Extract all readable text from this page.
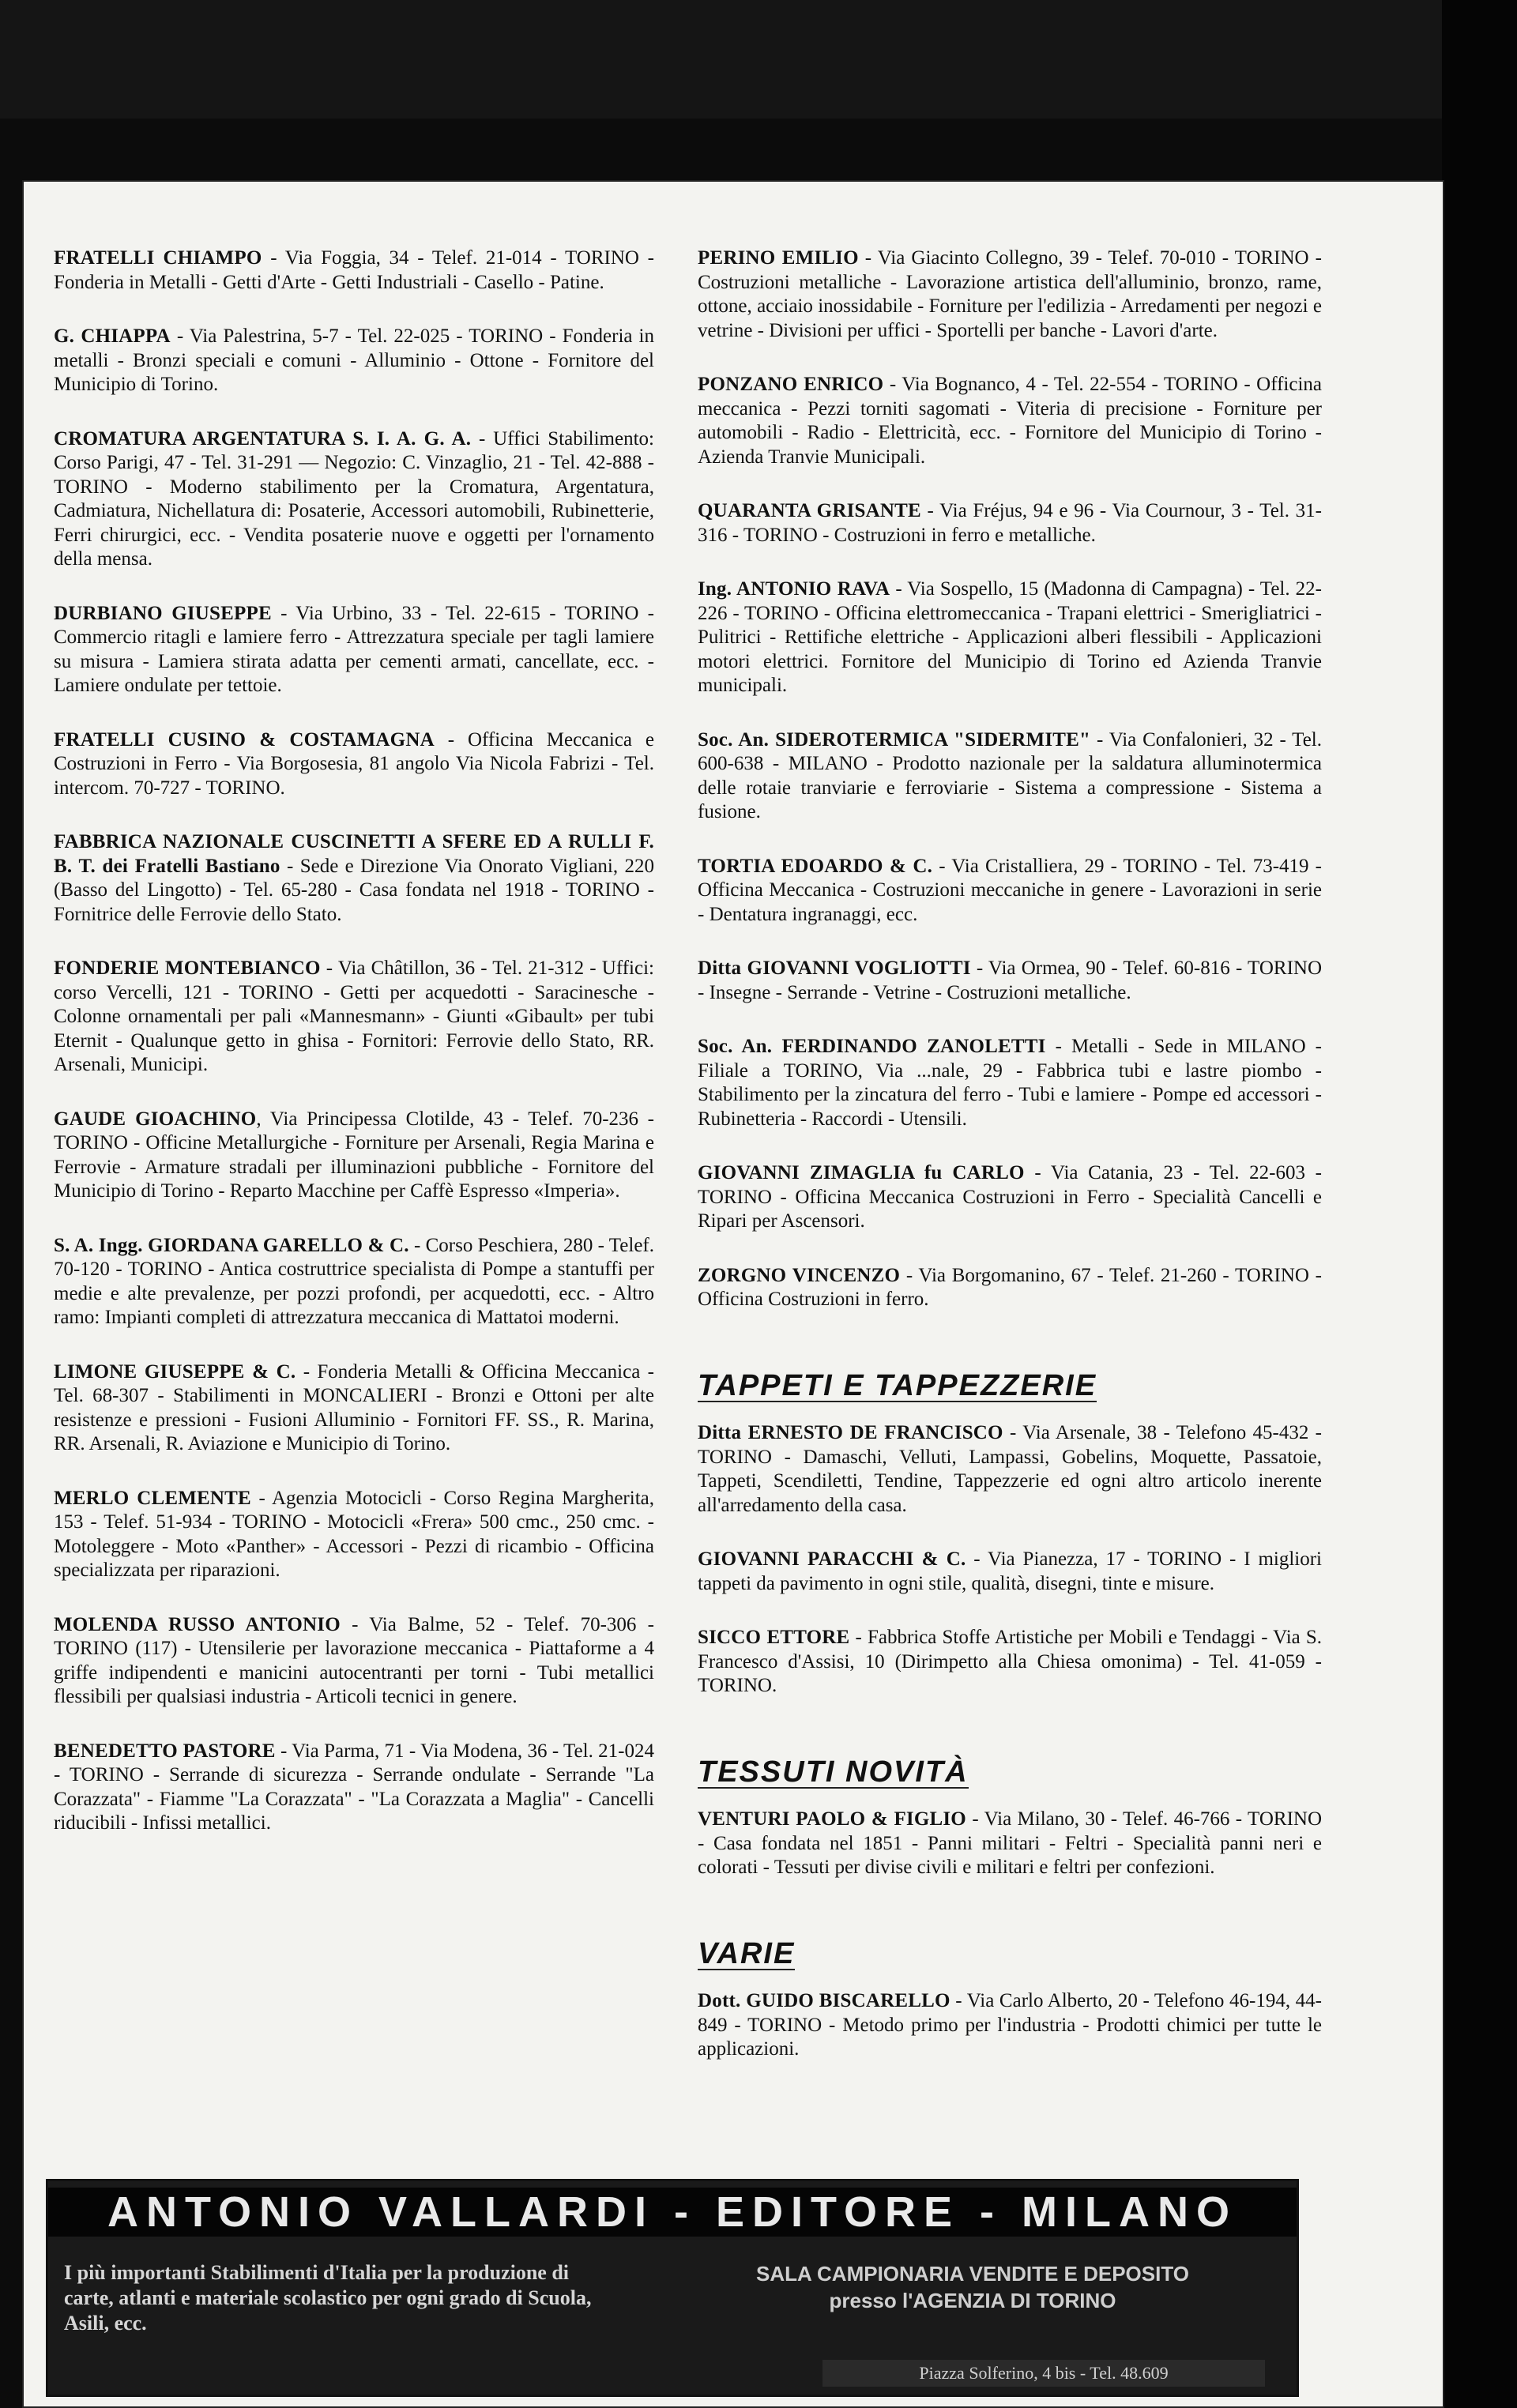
FRATELLI CHIAMPO - Via Foggia, 34 - Telef. 21-014 - TORINO - Fonderia in Metalli - Getti d'Arte - Getti Industriali - Casello - Patine.

G. CHIAPPA - Via Palestrina, 5-7 - Tel. 22-025 - TORINO - Fonderia in metalli - Bronzi speciali e comuni - Alluminio - Ottone - Fornitore del Municipio di Torino.

CROMATURA ARGENTATURA S. I. A. G. A. - Uffici Stabilimento: Corso Parigi, 47 - Tel. 31-291 — Negozio: C. Vinzaglio, 21 - Tel. 42-888 - TORINO - Moderno stabilimento per la Cromatura, Argentatura, Cadmiatura, Nichellatura di: Posaterie, Accessori automobili, Rubinetterie, Ferri chirurgici, ecc. - Vendita posaterie nuove e oggetti per l'ornamento della mensa.

DURBIANO GIUSEPPE - Via Urbino, 33 - Tel. 22-615 - TORINO - Commercio ritagli e lamiere ferro - Attrezzatura speciale per tagli lamiere su misura - Lamiera stirata adatta per cementi armati, cancellate, ecc. - Lamiere ondulate per tettoie.

FRATELLI CUSINO & COSTAMAGNA - Officina Meccanica e Costruzioni in Ferro - Via Borgosesia, 81 angolo Via Nicola Fabrizi - Tel. intercom. 70-727 - TORINO.

FABBRICA NAZIONALE CUSCINETTI A SFERE ED A RULLI F. B. T. dei Fratelli Bastiano - Sede e Direzione Via Onorato Vigliani, 220 (Basso del Lingotto) - Tel. 65-280 - Casa fondata nel 1918 - TORINO - Fornitrice delle Ferrovie dello Stato.

FONDERIE MONTEBIANCO - Via Châtillon, 36 - Tel. 21-312 - Uffici: corso Vercelli, 121 - TORINO - Getti per acquedotti - Saracinesche - Colonne ornamentali per pali «Mannesmann» - Giunti «Gibault» per tubi Eternit - Qualunque getto in ghisa - Fornitori: Ferrovie dello Stato, RR. Arsenali, Municipi.

GAUDE GIOACHINO, Via Principessa Clotilde, 43 - Telef. 70-236 - TORINO - Officine Metallurgiche - Forniture per Arsenali, Regia Marina e Ferrovie - Armature stradali per illuminazioni pubbliche - Fornitore del Municipio di Torino - Reparto Macchine per Caffè Espresso «Imperia».

S. A. Ingg. GIORDANA GARELLO & C. - Corso Peschiera, 280 - Telef. 70-120 - TORINO - Antica costruttrice specialista di Pompe a stantuffi per medie e alte prevalenze, per pozzi profondi, per acquedotti, ecc. - Altro ramo: Impianti completi di attrezzatura meccanica di Mattatoi moderni.

LIMONE GIUSEPPE & C. - Fonderia Metalli & Officina Meccanica - Tel. 68-307 - Stabilimenti in MONCALIERI - Bronzi e Ottoni per alte resistenze e pressioni - Fusioni Alluminio - Fornitori FF. SS., R. Marina, RR. Arsenali, R. Aviazione e Municipio di Torino.

MERLO CLEMENTE - Agenzia Motocicli - Corso Regina Margherita, 153 - Telef. 51-934 - TORINO - Motocicli «Frera» 500 cmc., 250 cmc. - Motoleggere - Moto «Panther» - Accessori - Pezzi di ricambio - Officina specializzata per riparazioni.

MOLENDA RUSSO ANTONIO - Via Balme, 52 - Telef. 70-306 - TORINO (117) - Utensilerie per lavorazione meccanica - Piattaforme a 4 griffe indipendenti e manicini autocentranti per torni - Tubi metallici flessibili per qualsiasi industria - Articoli tecnici in genere.

BENEDETTO PASTORE - Via Parma, 71 - Via Modena, 36 - Tel. 21-024 - TORINO - Serrande di sicurezza - Serrande ondulate - Serrande "La Corazzata" - Fiamme "La Corazzata" - "La Corazzata a Maglia" - Cancelli riducibili - Infissi metallici.

PERINO EMILIO - Via Giacinto Collegno, 39 - Telef. 70-010 - TORINO - Costruzioni metalliche - Lavorazione artistica dell'alluminio, bronzo, rame, ottone, acciaio inossidabile - Forniture per l'edilizia - Arredamenti per negozi e vetrine - Divisioni per uffici - Sportelli per banche - Lavori d'arte.

PONZANO ENRICO - Via Bognanco, 4 - Tel. 22-554 - TORINO - Officina meccanica - Pezzi torniti sagomati - Viteria di precisione - Forniture per automobili - Radio - Elettricità, ecc. - Fornitore del Municipio di Torino - Azienda Tranvie Municipali.

QUARANTA GRISANTE - Via Fréjus, 94 e 96 - Via Cournour, 3 - Tel. 31-316 - TORINO - Costruzioni in ferro e metalliche.

Ing. ANTONIO RAVA - Via Sospello, 15 (Madonna di Campagna) - Tel. 22-226 - TORINO - Officina elettromeccanica - Trapani elettrici - Smerigliatrici - Pulitrici - Rettifiche elettriche - Applicazioni alberi flessibili - Applicazioni motori elettrici. Fornitore del Municipio di Torino ed Azienda Tranvie municipali.

Soc. An. SIDEROTERMICA "SIDERMITE" - Via Confalonieri, 32 - Tel. 600-638 - MILANO - Prodotto nazionale per la saldatura alluminotermica delle rotaie tranviarie e ferroviarie - Sistema a compressione - Sistema a fusione.

TORTIA EDOARDO & C. - Via Cristalliera, 29 - TORINO - Tel. 73-419 - Officina Meccanica - Costruzioni meccaniche in genere - Lavorazioni in serie - Dentatura ingranaggi, ecc.

Ditta GIOVANNI VOGLIOTTI - Via Ormea, 90 - Telef. 60-816 - TORINO - Insegne - Serrande - Vetrine - Costruzioni metalliche.

Soc. An. FERDINANDO ZANOLETTI - Metalli - Sede in MILANO - Filiale a TORINO, Via ...nale, 29 - Fabbrica tubi e lastre piombo - Stabilimento per la zincatura del ferro - Tubi e lamiere - Pompe ed accessori - Rubinetteria - Raccordi - Utensili.

GIOVANNI ZIMAGLIA fu CARLO - Via Catania, 23 - Tel. 22-603 - TORINO - Officina Meccanica Costruzioni in Ferro - Specialità Cancelli e Ripari per Ascensori.

ZORGNO VINCENZO - Via Borgomanino, 67 - Telef. 21-260 - TORINO - Officina Costruzioni in ferro.

TAPPETI E TAPPEZZERIE

Ditta ERNESTO DE FRANCISCO - Via Arsenale, 38 - Telefono 45-432 - TORINO - Damaschi, Velluti, Lampassi, Gobelins, Moquette, Passatoie, Tappeti, Scendiletti, Tendine, Tappezzerie ed ogni altro articolo inerente all'arredamento della casa.

GIOVANNI PARACCHI & C. - Via Pianezza, 17 - TORINO - I migliori tappeti da pavimento in ogni stile, qualità, disegni, tinte e misure.

SICCO ETTORE - Fabbrica Stoffe Artistiche per Mobili e Tendaggi - Via S. Francesco d'Assisi, 10 (Dirimpetto alla Chiesa omonima) - Tel. 41-059 - TORINO.

TESSUTI NOVITÀ

VENTURI PAOLO & FIGLIO - Via Milano, 30 - Telef. 46-766 - TORINO - Casa fondata nel 1851 - Panni militari - Feltri - Specialità panni neri e colorati - Tessuti per divise civili e militari e feltri per confezioni.

VARIE

Dott. GUIDO BISCARELLO - Via Carlo Alberto, 20 - Telefono 46-194, 44-849 - TORINO - Metodo primo per l'industria - Prodotti chimici per tutte le applicazioni.

ANTONIO VALLARDI - EDITORE - MILANO
I più importanti Stabilimenti d'Italia per la produzione di carte, atlanti e materiale scolastico per ogni grado di Scuola, Asili, ecc.
SALA CAMPIONARIA VENDITE E DEPOSITO
presso l'AGENZIA DI TORINO
Piazza Solferino, 4 bis - Tel. 48.609
